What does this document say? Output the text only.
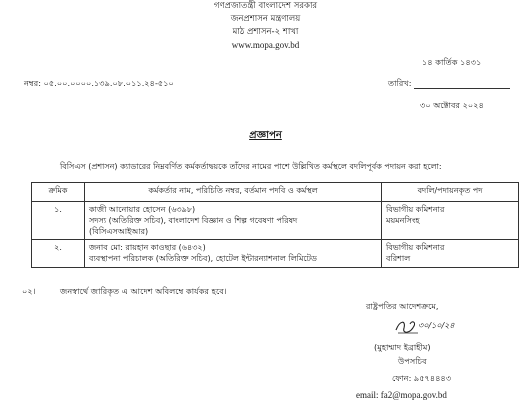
গণপ্রজাতন্ত্রী বাংলাদেশ সরকার
জনপ্রশাসন মন্ত্রণালয়
মাঠ প্রশাসন-২ শাখা
www.mopa.gov.bd
১৪ কার্তিক ১৪৩১
নম্বর: ০৫.০০.০০০০.১৩৯.০৮.০১১.২৪-৫১০	তারিখ:
৩০ অক্টোবর ২০২৪
প্রজ্ঞাপন
বিসিএস (প্রশাসন) ক্যাডারের নিম্নবর্ণিত কর্মকর্তাদ্বয়কে তাঁদের নামের পাশে উল্লিখিত কর্মস্থলে বদলিপূর্বক পদায়ন করা হলো:
ক্রমিক	কর্মকর্তার নাম, পরিচিতি নম্বর, বর্তমান পদবি ও কর্মস্থল	বদলি/পদায়নকৃত পদ
১.	কাজী আনোয়ার হোসেন (৬৩৯৮)
সদস্য (অতিরিক্ত সচিব), বাংলাদেশ বিজ্ঞান ও শিল্প গবেষণা পরিষদ
(বিসিএসআইআর)	বিভাগীয় কমিশনার
ময়মনসিংহ

২.	জনাব মো: রায়হান কাওছার (৬৪৩২)
ব্যবস্থাপনা পরিচালক (অতিরিক্ত সচিব), হোটেল ইন্টারন্যাশনাল লিমিটেড	বিভাগীয় কমিশনার
বরিশাল
০২।	জনস্বার্থে জারিকৃত এ আদেশ অবিলম্বে কার্যকর হবে।
রাষ্ট্রপতির আদেশক্রমে,
৩০/১০/২৪
(মুহাম্মাদ ইব্রাহীম)
উপসচিব
ফোন: ৯৫৭৪৪৪৩
email: fa2@mopa.gov.bd
